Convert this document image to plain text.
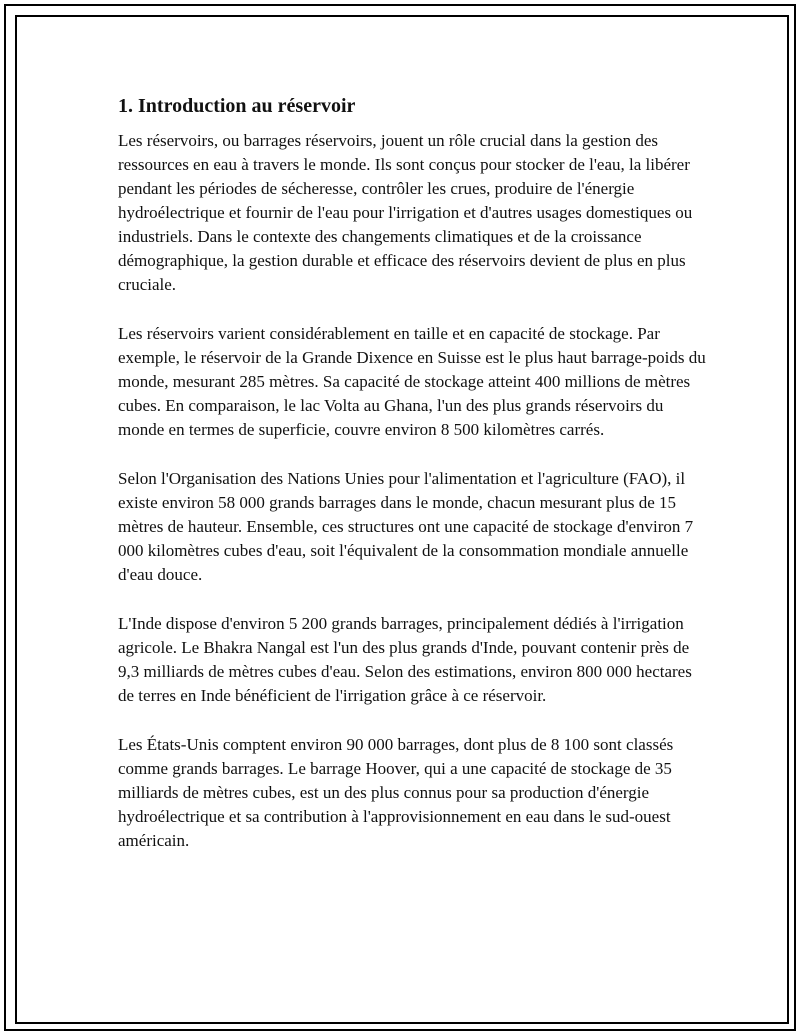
1. Introduction au réservoir

Les réservoirs, ou barrages réservoirs, jouent un rôle crucial dans la gestion des ressources en eau à travers le monde. Ils sont conçus pour stocker de l'eau, la libérer pendant les périodes de sécheresse, contrôler les crues, produire de l'énergie hydroélectrique et fournir de l'eau pour l'irrigation et d'autres usages domestiques ou industriels. Dans le contexte des changements climatiques et de la croissance démographique, la gestion durable et efficace des réservoirs devient de plus en plus cruciale.

Les réservoirs varient considérablement en taille et en capacité de stockage. Par exemple, le réservoir de la Grande Dixence en Suisse est le plus haut barrage-poids du monde, mesurant 285 mètres. Sa capacité de stockage atteint 400 millions de mètres cubes. En comparaison, le lac Volta au Ghana, l'un des plus grands réservoirs du monde en termes de superficie, couvre environ 8 500 kilomètres carrés.

Selon l'Organisation des Nations Unies pour l'alimentation et l'agriculture (FAO), il existe environ 58 000 grands barrages dans le monde, chacun mesurant plus de 15 mètres de hauteur. Ensemble, ces structures ont une capacité de stockage d'environ 7 000 kilomètres cubes d'eau, soit l'équivalent de la consommation mondiale annuelle d'eau douce.

L'Inde dispose d'environ 5 200 grands barrages, principalement dédiés à l'irrigation agricole. Le Bhakra Nangal est l'un des plus grands d'Inde, pouvant contenir près de 9,3 milliards de mètres cubes d'eau. Selon des estimations, environ 800 000 hectares de terres en Inde bénéficient de l'irrigation grâce à ce réservoir.

Les États-Unis comptent environ 90 000 barrages, dont plus de 8 100 sont classés comme grands barrages. Le barrage Hoover, qui a une capacité de stockage de 35 milliards de mètres cubes, est un des plus connus pour sa production d'énergie hydroélectrique et sa contribution à l'approvisionnement en eau dans le sud-ouest américain.
